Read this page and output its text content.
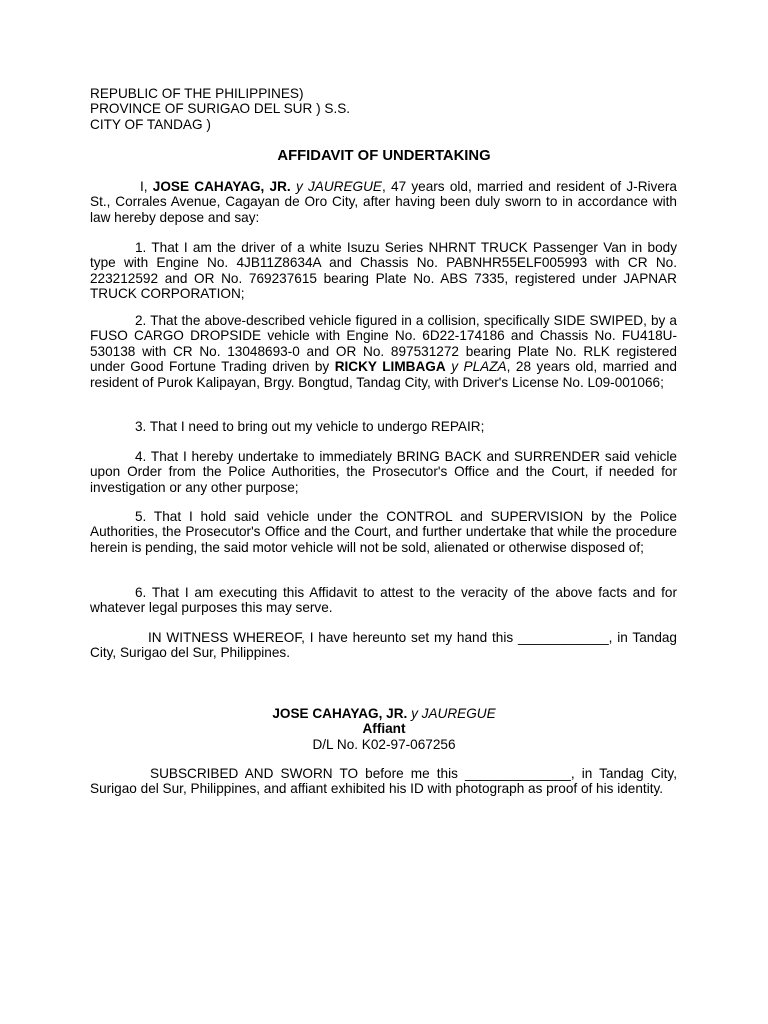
REPUBLIC OF THE PHILIPPINES)
PROVINCE OF SURIGAO DEL SUR ) S.S.
CITY OF TANDAG )
AFFIDAVIT OF UNDERTAKING
I, JOSE CAHAYAG, JR. y JAUREGUE, 47 years old, married and resident of J-Rivera St., Corrales Avenue, Cagayan de Oro City, after having been duly sworn to in accordance with law hereby depose and say:
1. That I am the driver of a white Isuzu Series NHRNT TRUCK Passenger Van in body type with Engine No. 4JB11Z8634A and Chassis No. PABNHR55ELF005993 with CR No. 223212592 and OR No. 769237615 bearing Plate No. ABS 7335, registered under JAPNAR TRUCK CORPORATION;
2. That the above-described vehicle figured in a collision, specifically SIDE SWIPED, by a FUSO CARGO DROPSIDE vehicle with Engine No. 6D22-174186 and Chassis No. FU418U-530138 with CR No. 13048693-0 and OR No. 897531272 bearing Plate No. RLK registered under Good Fortune Trading driven by RICKY LIMBAGA y PLAZA, 28 years old, married and resident of Purok Kalipayan, Brgy. Bongtud, Tandag City, with Driver's License No. L09-001066;
3. That I need to bring out my vehicle to undergo REPAIR;
4. That I hereby undertake to immediately BRING BACK and SURRENDER said vehicle upon Order from the Police Authorities, the Prosecutor's Office and the Court, if needed for investigation or any other purpose;
5. That I hold said vehicle under the CONTROL and SUPERVISION by the Police Authorities, the Prosecutor's Office and the Court, and further undertake that while the procedure herein is pending, the said motor vehicle will not be sold, alienated or otherwise disposed of;
6. That I am executing this Affidavit to attest to the veracity of the above facts and for whatever legal purposes this may serve.
IN WITNESS WHEREOF, I have hereunto set my hand this ____________, in Tandag City, Surigao del Sur, Philippines.
JOSE CAHAYAG, JR. y JAUREGUE
Affiant
D/L No. K02-97-067256
SUBSCRIBED AND SWORN TO before me this ______________, in Tandag City, Surigao del Sur, Philippines, and affiant exhibited his ID with photograph as proof of his identity.
